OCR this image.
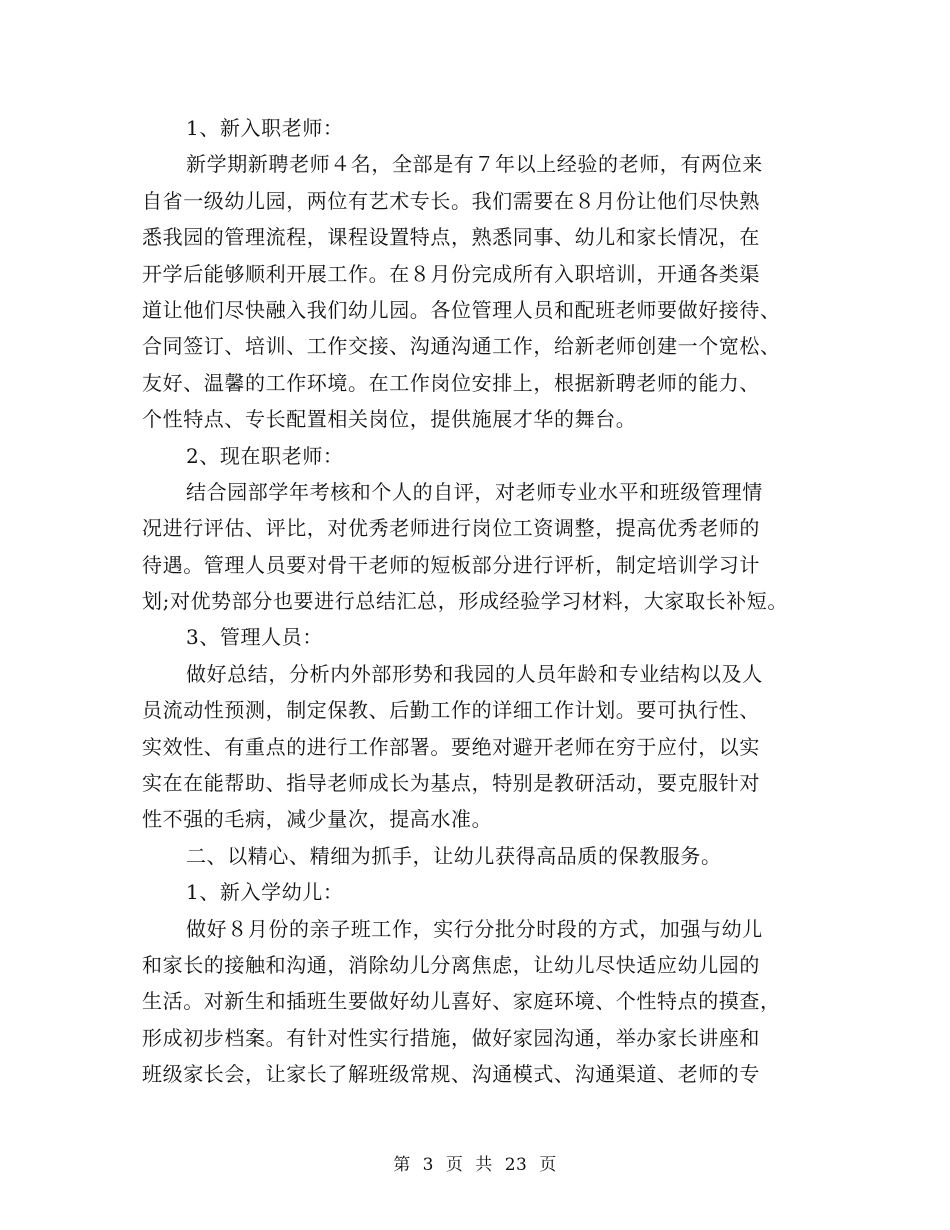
1、新入职老师：
新学期新聘老师４名，全部是有７年以上经验的老师，有两位来
自省一级幼儿园，两位有艺术专长。我们需要在８月份让他们尽快熟
悉我园的管理流程，课程设置特点，熟悉同事、幼儿和家长情况，在
开学后能够顺利开展工作。在８月份完成所有入职培训，开通各类渠
道让他们尽快融入我们幼儿园。各位管理人员和配班老师要做好接待、
合同签订、培训、工作交接、沟通沟通工作，给新老师创建一个宽松、
友好、温馨的工作环境。在工作岗位安排上，根据新聘老师的能力、
个性特点、专长配置相关岗位，提供施展才华的舞台。
2、现在职老师：
结合园部学年考核和个人的自评，对老师专业水平和班级管理情
况进行评估、评比，对优秀老师进行岗位工资调整，提高优秀老师的
待遇。管理人员要对骨干老师的短板部分进行评析，制定培训学习计
划;对优势部分也要进行总结汇总，形成经验学习材料，大家取长补短。
3、管理人员：
做好总结，分析内外部形势和我园的人员年龄和专业结构以及人
员流动性预测，制定保教、后勤工作的详细工作计划。要可执行性、
实效性、有重点的进行工作部署。要绝对避开老师在穷于应付，以实
实在在能帮助、指导老师成长为基点，特别是教研活动，要克服针对
性不强的毛病，减少量次，提高水准。
二、以精心、精细为抓手，让幼儿获得高品质的保教服务。
1、新入学幼儿：
做好８月份的亲子班工作，实行分批分时段的方式，加强与幼儿
和家长的接触和沟通，消除幼儿分离焦虑，让幼儿尽快适应幼儿园的
生活。对新生和插班生要做好幼儿喜好、家庭环境、个性特点的摸查，
形成初步档案。有针对性实行措施，做好家园沟通，举办家长讲座和
班级家长会，让家长了解班级常规、沟通模式、沟通渠道、老师的专
第 3 页 共 23 页
